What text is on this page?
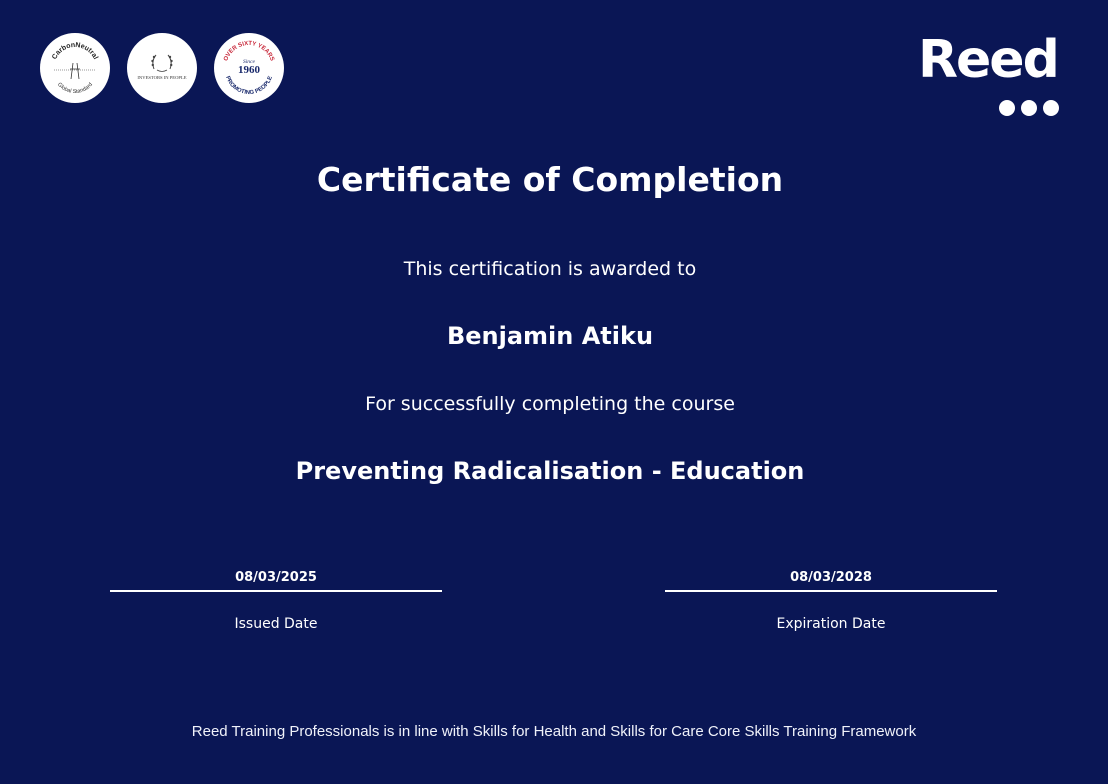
CarbonNeutral
Global Standard
INVESTORS IN PEOPLE
OVER SIXTY YEARS
Since
1960
PROMOTING PEOPLE	Reed
Certificate of Completion
This certification is awarded to
Benjamin Atiku
For successfully completing the course
Preventing Radicalisation - Education
08/03/2025
Issued Date
08/03/2028
Expiration Date
Reed Training Professionals is in line with Skills for Health and Skills for Care Core Skills Training Framework
